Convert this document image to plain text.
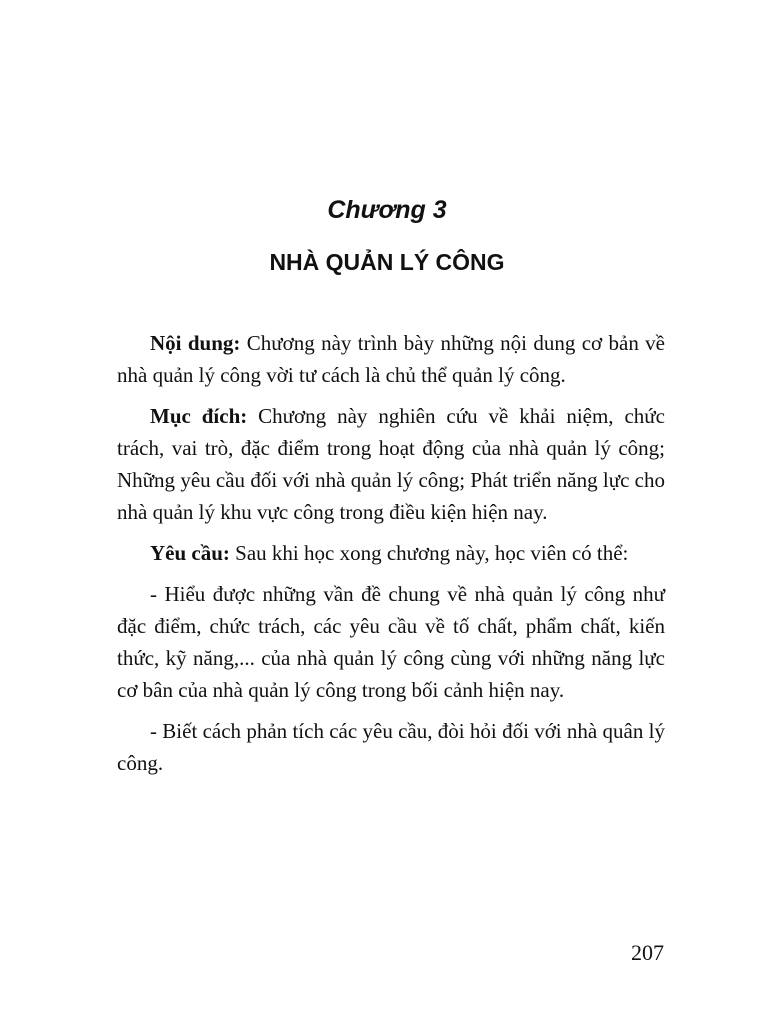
Chương 3
NHÀ QUẢN LÝ CÔNG

Nội dung: Chương này trình bày những nội dung cơ bản về nhà quản lý công vời tư cách là chủ thể quản lý công.

Mục đích: Chương này nghiên cứu về khải niệm, chức trách, vai trò, đặc điểm trong hoạt động của nhà quản lý công; Những yêu cầu đối với nhà quản lý công; Phát triển năng lực cho nhà quản lý khu vực công trong điều kiện hiện nay.

Yêu cầu: Sau khi học xong chương này, học viên có thể:

- Hiểu được những vần đề chung về nhà quản lý công như đặc điểm, chức trách, các yêu cầu về tố chất, phẩm chất, kiến thức, kỹ năng,... của nhà quản lý công cùng với những năng lực cơ bân của nhà quản lý công trong bối cảnh hiện nay.

- Biết cách phản tích các yêu cầu, đòi hỏi đối với nhà quân lý công.

207
